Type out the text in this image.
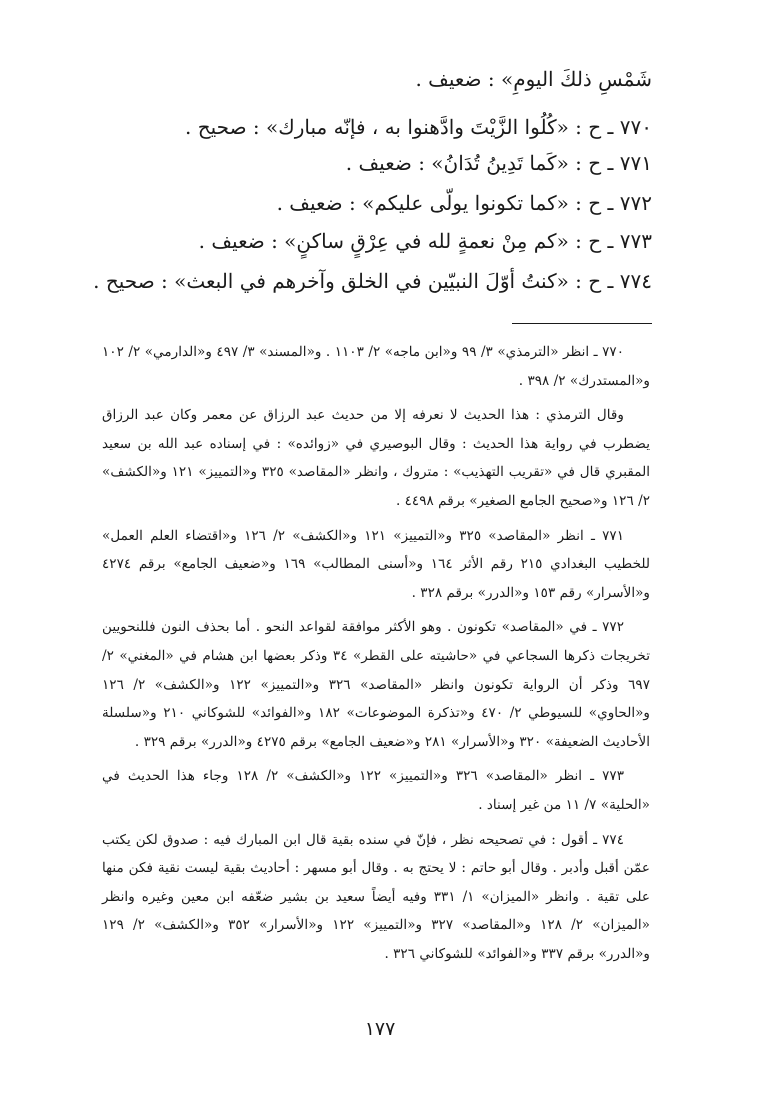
شَمْسِ ذلكَ اليومِ» : ضعيف .
٧٧٠ ـ ح : «كُلُوا الزَّيْتَ وادَّهنوا به ، فإنّه مبارك» : صحيح .
٧٧١ ـ ح : «كَما تَدِينُ تُدَانُ» : ضعيف .
٧٧٢ ـ ح : «كما تكونوا يولّى عليكم» : ضعيف .
٧٧٣ ـ ح : «كم مِنْ نعمةٍ لله في عِرْقٍ ساكنٍ» : ضعيف .
٧٧٤ ـ ح : «كنتُ أوّلَ النبيّين في الخلق وآخرهم في البعث» : صحيح .

٧٧٠ ـ انظر «الترمذي» ٣/ ٩٩ و«ابن ماجه» ٢/ ١١٠٣ . و«المسند» ٣/ ٤٩٧ و«الدارمي» ٢/ ١٠٢ و«المستدرك» ٢/ ٣٩٨ .

وقال الترمذي : هذا الحديث لا نعرفه إلا من حديث عبد الرزاق عن معمر وكان عبد الرزاق يضطرب في رواية هذا الحديث : وقال البوصيري في «زوائده» : في إسناده عبد الله بن سعيد المقبري قال في «تقريب التهذيب» : متروك ، وانظر «المقاصد» ٣٢٥ و«التمييز» ١٢١ و«الكشف» ٢/ ١٢٦ و«صحيح الجامع الصغير» برقم ٤٤٩٨ .

٧٧١ ـ انظر «المقاصد» ٣٢٥ و«التمييز» ١٢١ و«الكشف» ٢/ ١٢٦ و«اقتضاء العلم العمل» للخطيب البغدادي ٢١٥ رقم الأثر ١٦٤ و«أسنى المطالب» ١٦٩ و«ضعيف الجامع» برقم ٤٢٧٤ و«الأسرار» رقم ١٥٣ و«الدرر» برقم ٣٢٨ .

٧٧٢ ـ في «المقاصد» تكونون . وهو الأكثر موافقة لقواعد النحو . أما بحذف النون فللنحويين تخريجات ذكرها السجاعي في «حاشيته على القطر» ٣٤ وذكر بعضها ابن هشام في «المغني» ٢/ ٦٩٧ وذكر أن الرواية تكونون وانظر «المقاصد» ٣٢٦ و«التمييز» ١٢٢ و«الكشف» ٢/ ١٢٦ و«الحاوي» للسيوطي ٢/ ٤٧٠ و«تذكرة الموضوعات» ١٨٢ و«الفوائد» للشوكاني ٢١٠ و«سلسلة الأحاديث الضعيفة» ٣٢٠ و«الأسرار» ٢٨١ و«ضعيف الجامع» برقم ٤٢٧٥ و«الدرر» برقم ٣٢٩ .

٧٧٣ ـ انظر «المقاصد» ٣٢٦ و«التمييز» ١٢٢ و«الكشف» ٢/ ١٢٨ وجاء هذا الحديث في «الحلية» ٧/ ١١ من غير إسناد .

٧٧٤ ـ أقول : في تصحيحه نظر ، فإنّ في سنده بقية قال ابن المبارك فيه : صدوق لكن يكتب عمّن أقبل وأدبر . وقال أبو حاتم : لا يحتج به . وقال أبو مسهر : أحاديث بقية ليست نقية فكن منها على تقية . وانظر «الميزان» ١/ ٣٣١ وفيه أيضاً سعيد بن بشير ضعّفه ابن معين وغيره وانظر «الميزان» ٢/ ١٢٨ و«المقاصد» ٣٢٧ و«التمييز» ١٢٢ و«الأسرار» ٣٥٢ و«الكشف» ٢/ ١٢٩ و«الدرر» برقم ٣٣٧ و«الفوائد» للشوكاني ٣٢٦ .

١٧٧
